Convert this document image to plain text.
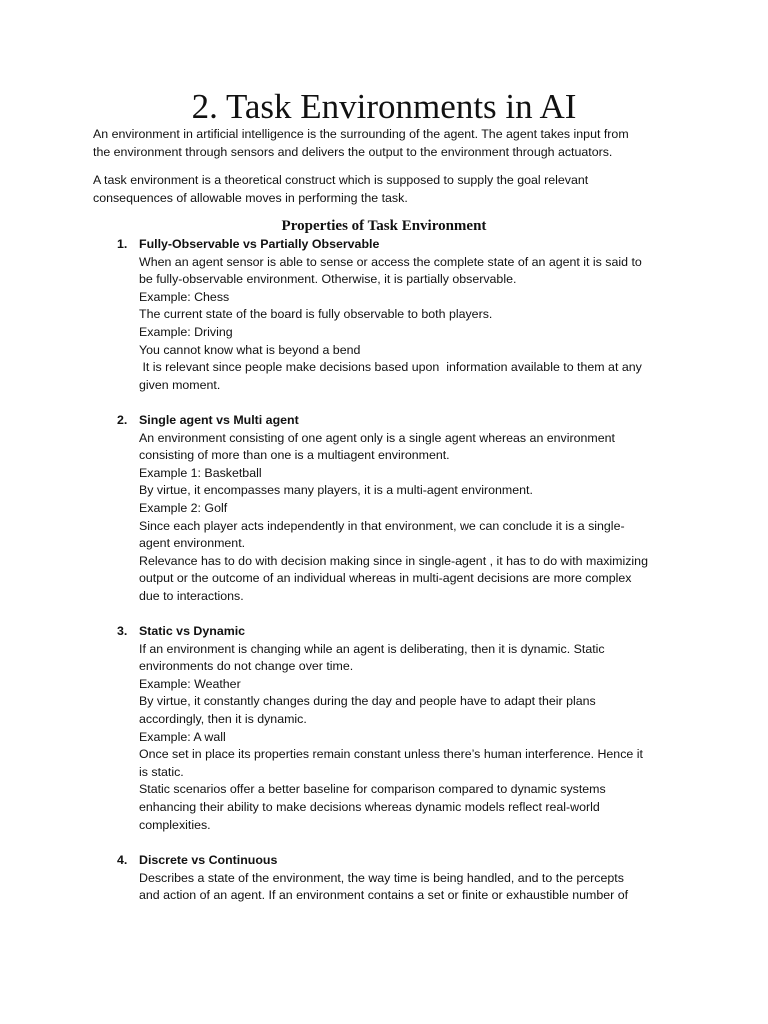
2. Task Environments in AI
An environment in artificial intelligence is the surrounding of the agent. The agent takes input from
the environment through sensors and delivers the output to the environment through actuators.
A task environment is a theoretical construct which is supposed to supply the goal relevant
consequences of allowable moves in performing the task.
Properties of Task Environment
1. Fully-Observable vs Partially Observable
When an agent sensor is able to sense or access the complete state of an agent it is said to
be fully-observable environment. Otherwise, it is partially observable.
Example: Chess
The current state of the board is fully observable to both players.
Example: Driving
You cannot know what is beyond a bend
It is relevant since people make decisions based upon  information available to them at any
given moment.
2. Single agent vs Multi agent
An environment consisting of one agent only is a single agent whereas an environment
consisting of more than one is a multiagent environment.
Example 1: Basketball
By virtue, it encompasses many players, it is a multi-agent environment.
Example 2: Golf
Since each player acts independently in that environment, we can conclude it is a single-
agent environment.
Relevance has to do with decision making since in single-agent , it has to do with maximizing
output or the outcome of an individual whereas in multi-agent decisions are more complex
due to interactions.
3. Static vs Dynamic
If an environment is changing while an agent is deliberating, then it is dynamic. Static
environments do not change over time.
Example: Weather
By virtue, it constantly changes during the day and people have to adapt their plans
accordingly, then it is dynamic.
Example: A wall
Once set in place its properties remain constant unless there’s human interference. Hence it
is static.
Static scenarios offer a better baseline for comparison compared to dynamic systems
enhancing their ability to make decisions whereas dynamic models reflect real-world
complexities.
4. Discrete vs Continuous
Describes a state of the environment, the way time is being handled, and to the percepts
and action of an agent. If an environment contains a set or finite or exhaustible number of
